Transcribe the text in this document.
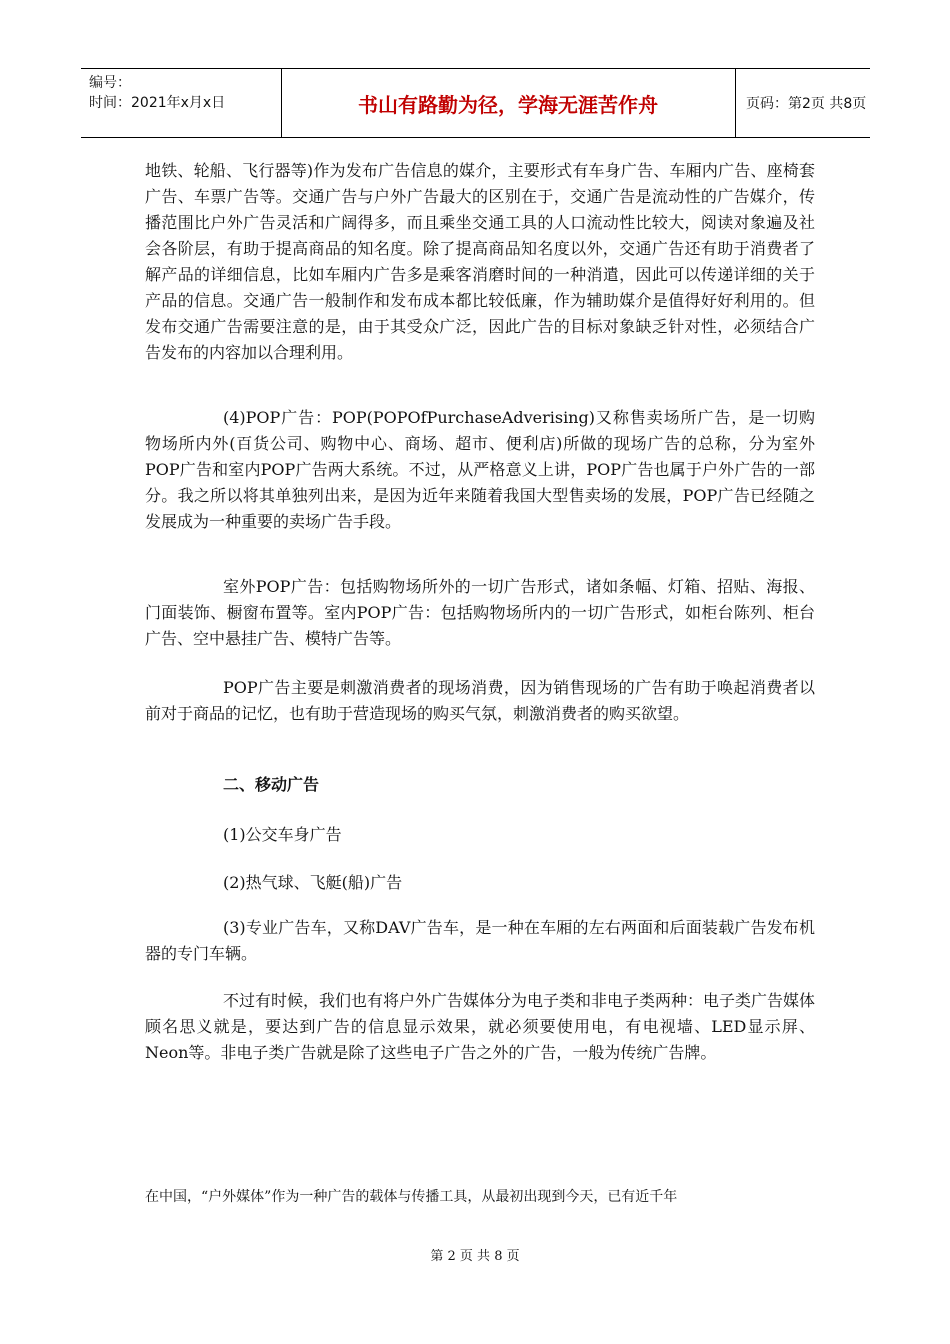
编号：
时间：2021年x月x日	书山有路勤为径，学海无涯苦作舟	页码：第2页 共8页

地铁、轮船、飞行器等)作为发布广告信息的媒介，主要形式有车身广告、车厢内广告、座椅套广告、车票广告等。交通广告与户外广告最大的区别在于，交通广告是流动性的广告媒介，传播范围比户外广告灵活和广阔得多，而且乘坐交通工具的人口流动性比较大，阅读对象遍及社会各阶层，有助于提高商品的知名度。除了提高商品知名度以外，交通广告还有助于消费者了解产品的详细信息，比如车厢内广告多是乘客消磨时间的一种消遣，因此可以传递详细的关于产品的信息。交通广告一般制作和发布成本都比较低廉，作为辅助媒介是值得好好利用的。但发布交通广告需要注意的是，由于其受众广泛，因此广告的目标对象缺乏针对性，必须结合广告发布的内容加以合理利用。

(4)POP广告：POP(POPOfPurchaseAdverising)又称售卖场所广告，是一切购物场所内外(百货公司、购物中心、商场、超市、便利店)所做的现场广告的总称，分为室外POP广告和室内POP广告两大系统。不过，从严格意义上讲，POP广告也属于户外广告的一部分。我之所以将其单独列出来，是因为近年来随着我国大型售卖场的发展，POP广告已经随之发展成为一种重要的卖场广告手段。

室外POP广告：包括购物场所外的一切广告形式，诸如条幅、灯箱、招贴、海报、门面装饰、橱窗布置等。室内POP广告：包括购物场所内的一切广告形式，如柜台陈列、柜台广告、空中悬挂广告、模特广告等。

POP广告主要是刺激消费者的现场消费，因为销售现场的广告有助于唤起消费者以前对于商品的记忆，也有助于营造现场的购买气氛，刺激消费者的购买欲望。

二、移动广告
(1)公交车身广告
(2)热气球、飞艇(船)广告

(3)专业广告车，又称DAV广告车，是一种在车厢的左右两面和后面装载广告发布机器的专门车辆。

不过有时候，我们也有将户外广告媒体分为电子类和非电子类两种：电子类广告媒体顾名思义就是，要达到广告的信息显示效果，就必须要使用电，有电视墙、LED显示屏、Neon等。非电子类广告就是除了这些电子广告之外的广告，一般为传统广告牌。

在中国，“户外媒体”作为一种广告的载体与传播工具，从最初出现到今天，已有近千年
第 2 页 共 8 页
